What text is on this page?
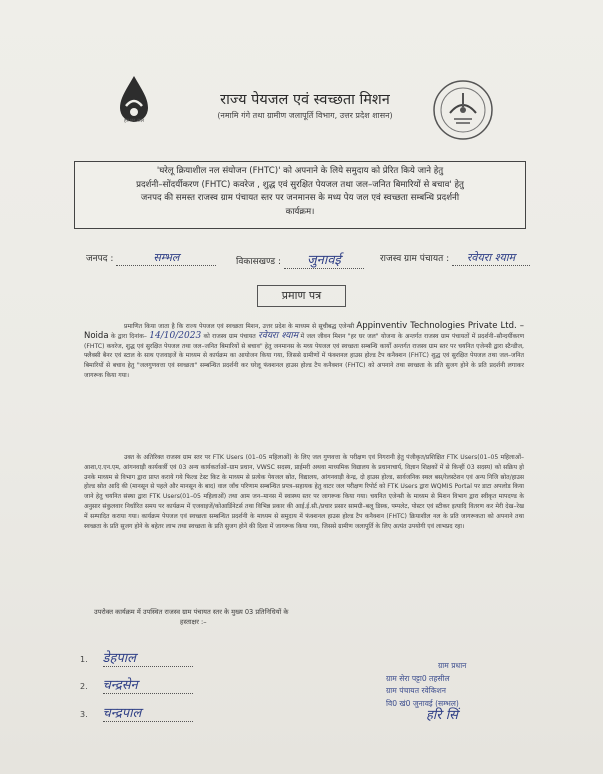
हर घर जल
राज्य पेयजल एवं स्वच्छता मिशन
(नमामि गंगे तथा ग्रामीण जलापूर्ति विभाग, उत्तर प्रदेश शासन)

'घरेलू क्रियाशील नल संयोजन (FHTC)' को अपनाने के लिये समुदाय को प्रेरित किये जाने हेतु

प्रदर्शनी–सोंदर्यीकरण (FHTC) कवरेज , शुद्ध एवं सुरक्षित पेयजल तथा जल–जनित बिमारियों से बचाव' हेतु

जनपद की समस्त राजस्व ग्राम पंचायत स्तर पर जनमानस के मध्य पेय जल एवं स्वच्छता सम्बन्धि प्रदर्शनी

कार्यक्रम।

जनपद :	सम्भल	विकासखण्ड : जुनावई	राजस्व ग्राम पंचायत : रवेयरा श्याम
प्रमाण पत्र
प्रमाणित किया जाता है कि राज्य पेयजल एवं स्वच्छता मिशन, उत्तर प्रदेश के माध्यम से सूचीबद्ध एजेन्सी Appinventiv Technologies Private Ltd. – Noida के द्वारा दिनांक– 14/10/2023 को राजस्व ग्राम पंचायत रवेयरा श्याम में जल जीवन मिशन "हर घर जल" योजना के अन्तर्गत राजस्व ग्राम पंचायतों में प्रदर्शनी–सौन्दर्यीकरण (FHTC) कवरेज, शुद्ध एवं सुरक्षित पेयजल तथा जल–जनित बिमारियों से बचाव" हेतु जनमानस के मध्य पेयजल एवं स्वच्छता सम्बन्धि कार्यों अन्तर्गत राजस्व ग्राम स्तर पर चयनित एजेन्सी द्वारा स्टैन्डीज, फ्लैक्सी बैनर एवं स्टाल के साथ एजवाइजें के माध्यम से कार्यक्रम का आयोजन किया गया, जिससे ग्रामीणों में फंक्शनल हाउस होल्ड टैप कनैक्शन (FHTC) शुद्ध एवं सुरक्षित पेयजल तथा जल–जनित बिमारियों से बचाव हेतु "जलगुणवत्ता एवं स्वच्छता" सम्बन्धित प्रदर्शनी कर घरेलू फंक्शनल हाउस होल्ड टैप कनैक्शन (FHTC) को अपनाने तथा स्वच्छता के प्रति सुजग होने के प्रति प्रदर्शनी लगाकर जागरूक किया गया।
उक्त के अतिरिक्त राजस्व ग्राम स्तर पर FTK Users (01–05 महिलाओं) के लिए जल गुणवत्ता के परीक्षण एवं निगरानी हेतु पंजीकृत/प्रशिक्षित FTK Users(01–05 महिलाओं–आशा,ए.एन.एम, आंगनवाड़ी कार्यकर्त्री एवं 03 अन्य कार्यकर्ताओं–ग्राम प्रधान, VWSC सदस्य, प्राईमरी अथवा माध्यमिक विद्यालय के प्रधानाचार्य, विज्ञान शिक्षकों में से किन्हीं 03 सदस्य) को सक्रिय हो उनके माध्यम से विभाग द्वारा प्राप्त कराये गये फिल्ड टेस्ट किट के माध्यम से प्रत्येक पेयजल स्रोत, विद्यालय, आंगनवाड़ी केन्द्र, दो हाउस होल्ड, सार्वजनिक स्थल बस/रेलस्टेशन एवं अन्य निजि स्रोत/हाउस होल्ड स्रोत आदि की (मानसून से पहले और मानसून के बाद) वाल जाँच परिणाम सम्बन्धित प्रपत्र–सहायक हेतु वाटर जल परीक्षण रिपोर्ट को FTK Users द्वारा WQMIS Portal पर डाटा अपलोड किया जाने हेतु चयनित संस्था द्वारा FTK Users(01–05 महिलाओं) तथा आम जन–मानस में स्वास्थ्य स्तर पर जागरूक किया गया। चयनित एजेन्सी के माध्यम से मिशन विभाग द्वारा स्वीकृत मापदण्ड के अनुसार संकुलवार निर्धारित समय पर कार्यक्रम में एजवाइजें/कोआर्डिनेटर्स तथा विभिन्न प्रकार की आई.ई.सी./प्रचार प्रसार सामग्री–बलू डिस्क, पम्पलेट, पोस्टर एवं स्टीकर इत्यादि वितरण कर मेरी देख–रेख में सम्पादित कराया गया। कार्यक्रम पेयजल एवं स्वच्छता सम्बन्धित प्रदर्शनी के माध्यम से समुदाय में फंक्शनल हाउस होल्ड टैप कनैक्शन (FHTC) क्रियाशील नल के प्रति जागरूकता को अपनाने तथा स्वच्छता के प्रति सुजग होने के बहेतर लाभ तथा स्वच्छता के प्रति सुजग होने की दिशा में जागरूक किया गया, जिससे ग्रामीण जलापूर्ति के लिए अत्यंत उपयोगी एवं लाभप्रद रहा।
उपरोक्त कार्यक्रम में उपस्थित राजस्व ग्राम पंचायत स्तर के मुख्य 03 प्रतिनिधियों के
हस्ताक्षर :–
1. डेहपाल
2. चन्द्रसेन
3. चन्द्रपाल
ग्राम प्रधान
ग्राम सेरा पट्टा0 तहसील
ग्राम पंचायत रवेकिशन
वि0 खं0 जुनावई (सम्भल)
हरि सिं
